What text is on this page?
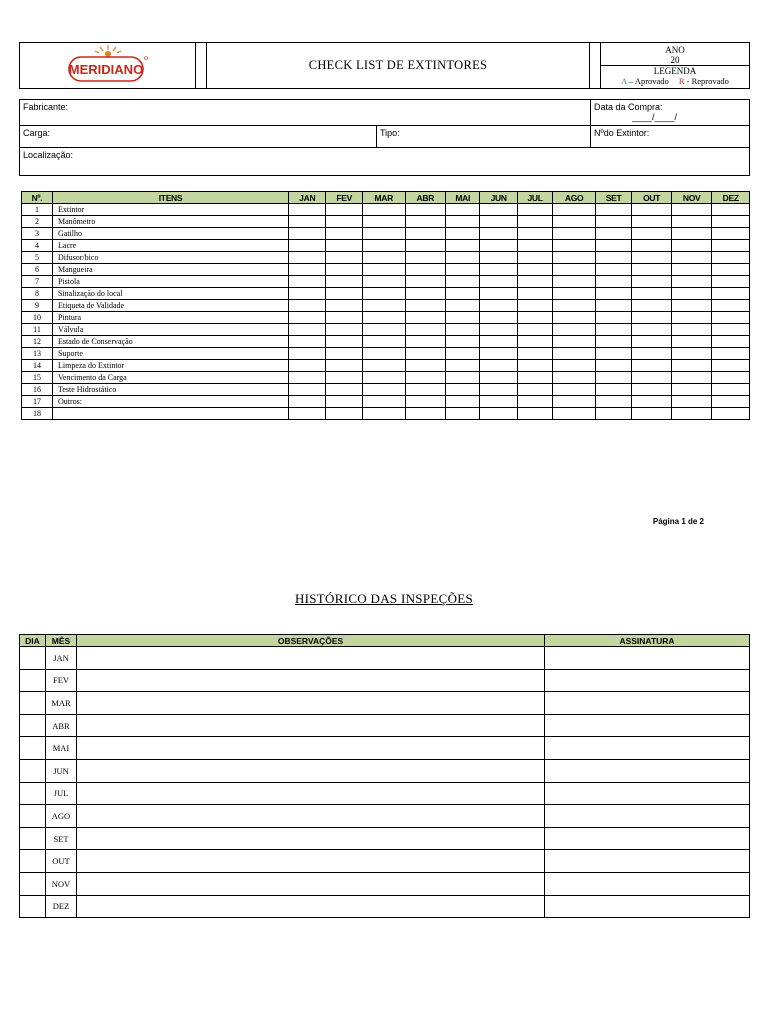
MERIDIANO		CHECK LIST DE EXTINTORES		
ANO
20
LEGENDA
A – Aprovado R - Reprovado
Fabricante:		Data da Compra:
____/____/

Carga:	Tipo:	Nºdo Extintor:
Localização:		
Nº.	ITENS	JAN	FEV	MAR	ABR	MAI	JUN	JUL	AGO	SET	OUT	NOV	DEZ
1	Extintor												
2	Manômetro												
3	Gatilho												
4	Lacre												
5	Difusor/bico												
6	Mangueira												
7	Pistola												
8	Sinalização do local												
9	Etiqueta de Validade												
10	Pintura												
11	Válvula												
12	Estado de Conservação												
13	Suporte												
14	Limpeza do Extintor												
15	Vencimento da Carga												
16	Teste Hidrostático												
17	Outros:												
18													
Página 1 de 2
HISTÓRICO DAS INSPEÇÕES
DIA	MÊS	OBSERVAÇÕES	ASSINATURA
	JAN		
	FEV		
	MAR		
	ABR		
	MAI		
	JUN		
	JUL		
	AGO		
	SET		
	OUT		
	NOV		
	DEZ		
